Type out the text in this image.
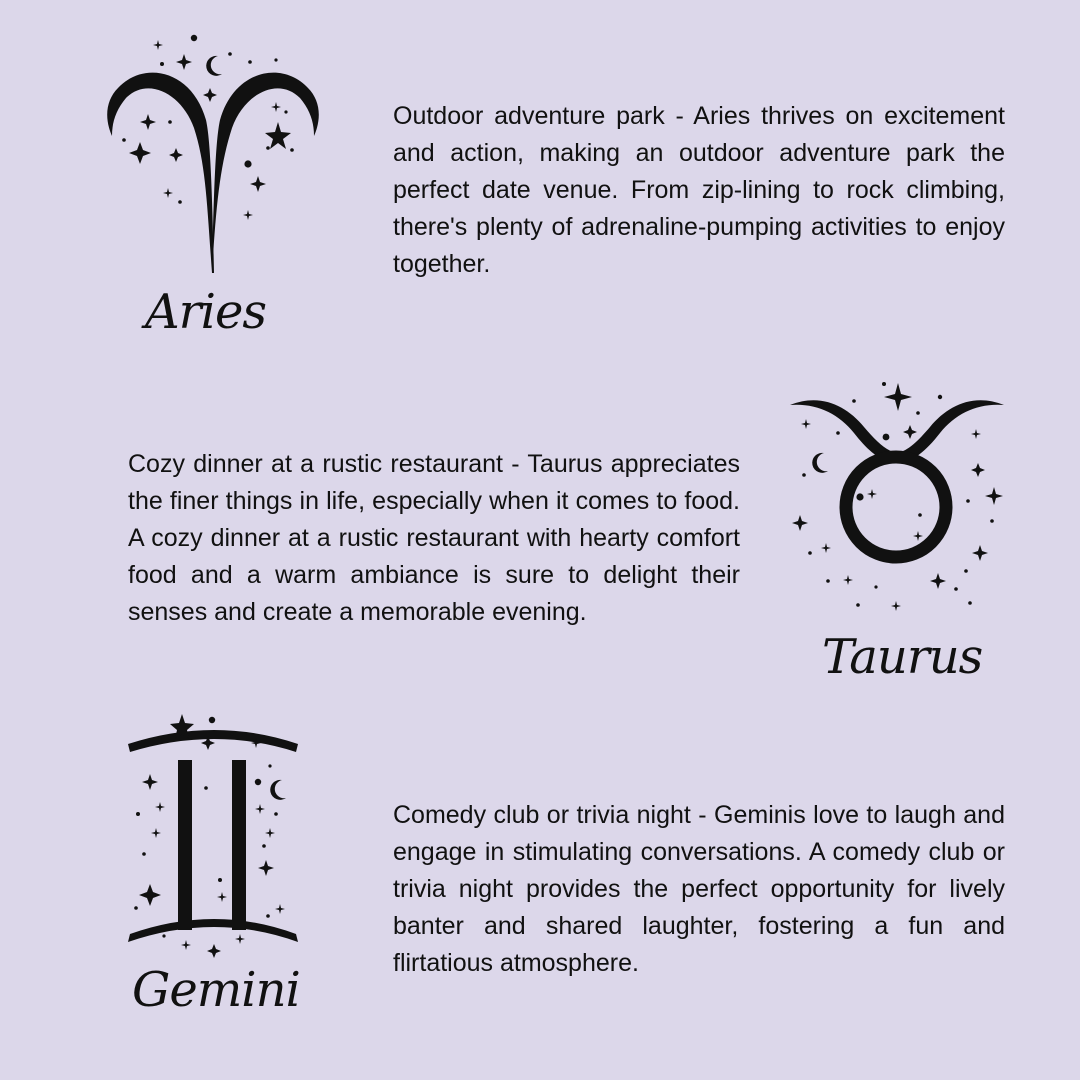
Aries

Outdoor adventure park - Aries thrives on excitement and action, making an outdoor adventure park the perfect date venue. From zip-lining to rock climbing, there's plenty of adrenaline-pumping activities to enjoy together.

Taurus

Cozy dinner at a rustic restaurant - Taurus appreciates the finer things in life, especially when it comes to food. A cozy dinner at a rustic restaurant with hearty comfort food and a warm ambiance is sure to delight their senses and create a memorable evening.

Gemini

Comedy club or trivia night - Geminis love to laugh and engage in stimulating conversations. A comedy club or trivia night provides the perfect opportunity for lively banter and shared laughter, fostering a fun and flirtatious atmosphere.
